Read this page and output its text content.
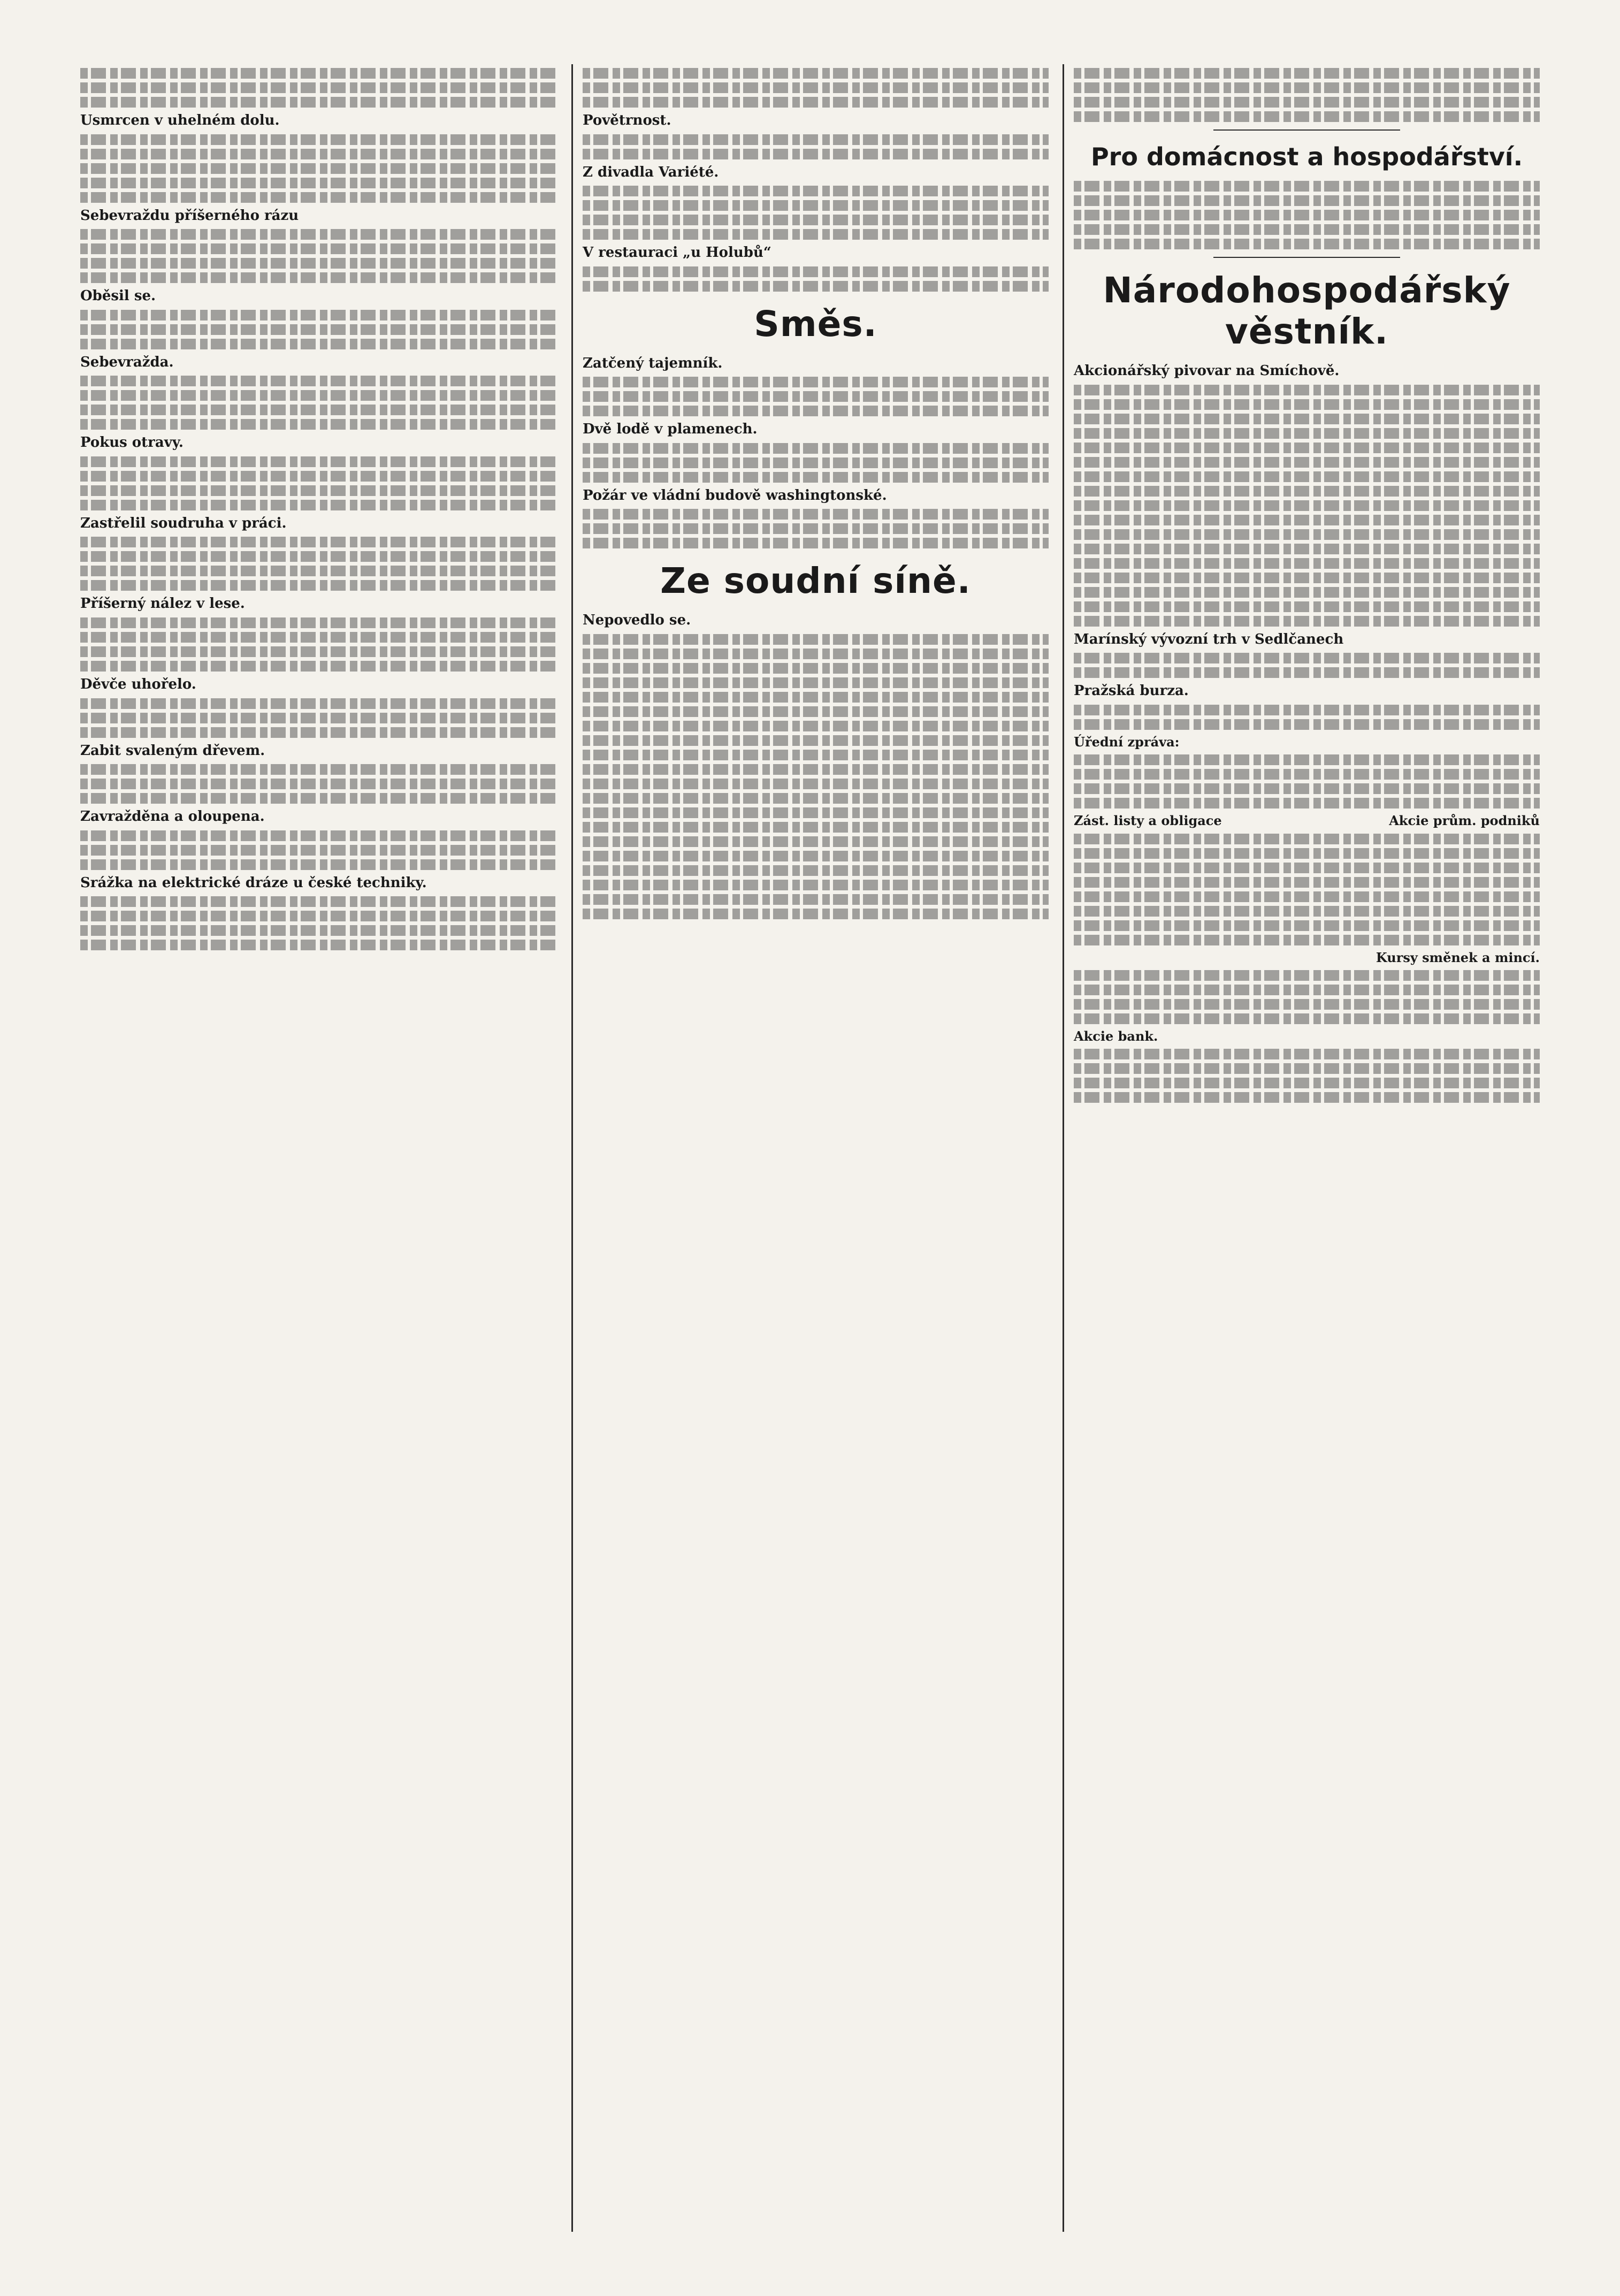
Usmrcen v uhelném dolu.

Sebevraždu příšerného rázu

Oběsil se.

Sebevražda.

Pokus otravy.

Zastřelil soudruha v práci.

Příšerný nález v lese.

Děvče uhořelo.

Zabit svaleným dřevem.

Zavražděna a oloupena.

Srážka na elektrické dráze u české techniky.

Povětrnost.

Z divadla Variété.

V restauraci „u Holubů“

Směs.

Zatčený tajemník.

Dvě lodě v plamenech.

Požár ve vládní budově washingtonské.

Ze soudní síně.

Nepovedlo se.

Pro domácnost a hospodářství.
Národohospodářský věstník.

Akcionářský pivovar na Smíchově.

Marínský vývozní trh v Sedlčanech

Pražská burza.

Úřední zpráva:
Zást. listy a obligace	Akcie prům. podniků
Kursy směnek a mincí.
Akcie bank.
